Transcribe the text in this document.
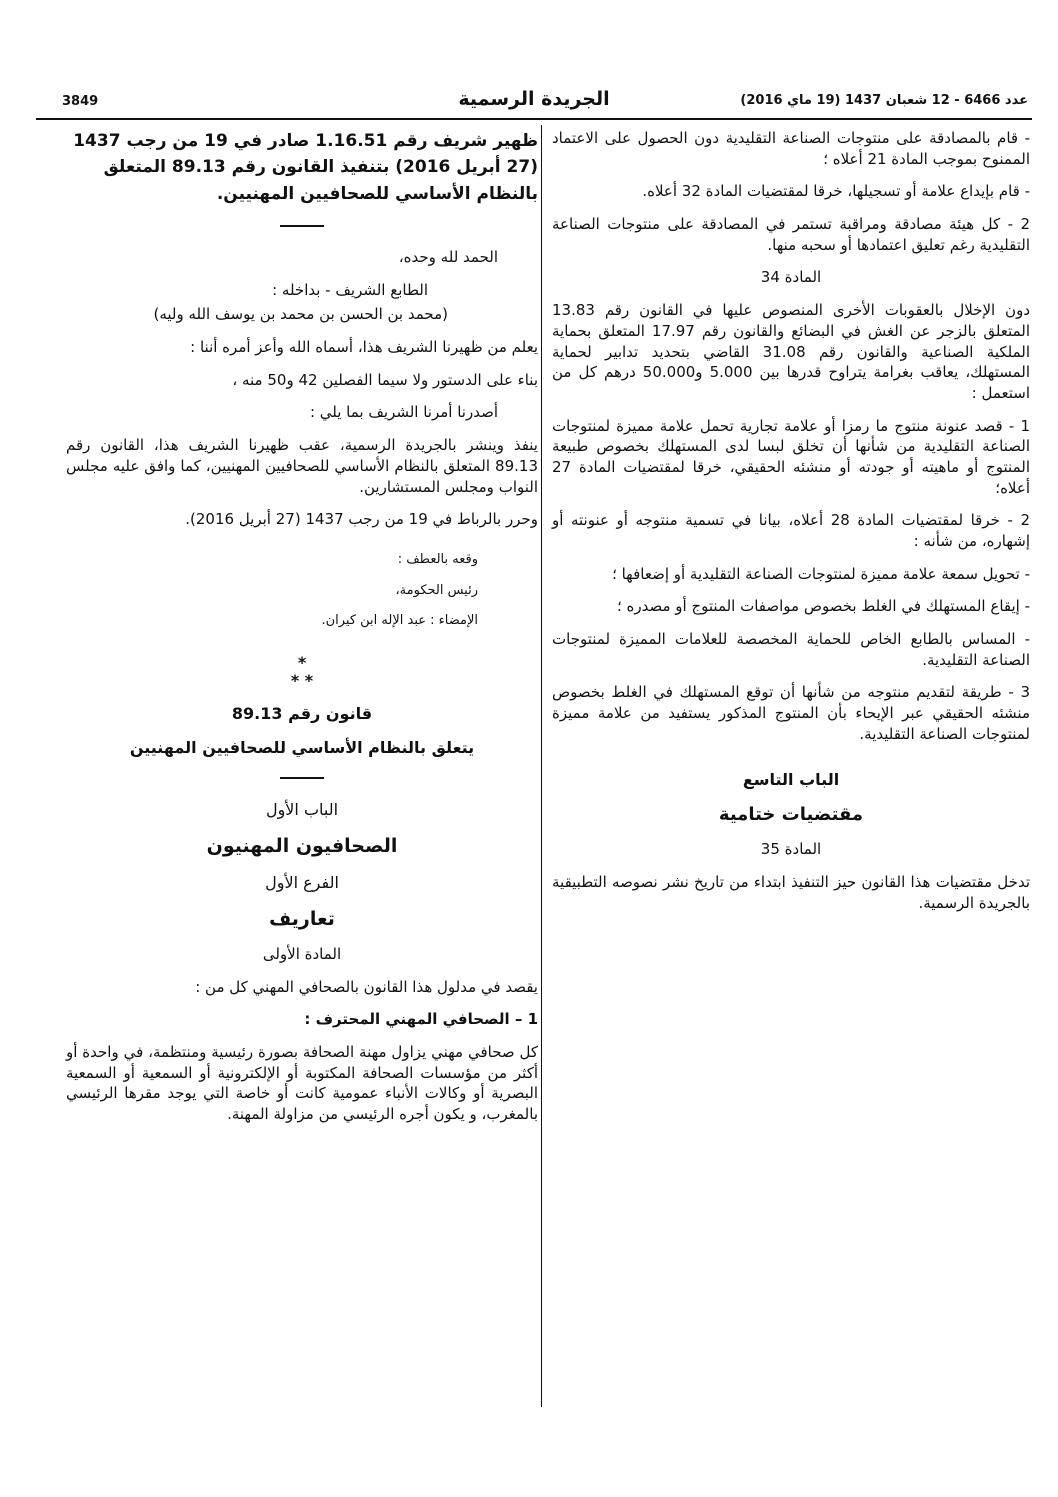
3849	الجريدة الرسمية	عدد 6466 - 12 شعبان 1437 (19 ماي 2016)

- قام بالمصادقة على منتوجات الصناعة التقليدية دون الحصول على الاعتماد الممنوح بموجب المادة 21 أعلاه ؛

- قام بإيداع علامة أو تسجيلها، خرقا لمقتضيات المادة 32 أعلاه.

2 - كل هيئة مصادقة ومراقبة تستمر في المصادقة على منتوجات الصناعة التقليدية رغم تعليق اعتمادها أو سحبه منها.

المادة 34

دون الإخلال بالعقوبات الأخرى المنصوص عليها في القانون رقم 13.83 المتعلق بالزجر عن الغش في البضائع والقانون رقم 17.97 المتعلق بحماية الملكية الصناعية والقانون رقم 31.08 القاضي بتحديد تدابير لحماية المستهلك، يعاقب بغرامة يتراوح قدرها بين 5.000 و50.000 درهم كل من استعمل :

1 - قصد عنونة منتوج ما رمزا أو علامة تجارية تحمل علامة مميزة لمنتوجات الصناعة التقليدية من شأنها أن تخلق لبسا لدى المستهلك بخصوص طبيعة المنتوج أو ماهيته أو جودته أو منشئه الحقيقي، خرقا لمقتضيات المادة 27 أعلاه؛

2 - خرقا لمقتضيات المادة 28 أعلاه، بيانا في تسمية منتوجه أو عنونته أو إشهاره، من شأنه :

- تحويل سمعة علامة مميزة لمنتوجات الصناعة التقليدية أو إضعافها ؛

- إيقاع المستهلك في الغلط بخصوص مواصفات المنتوج أو مصدره ؛

- المساس بالطابع الخاص للحماية المخصصة للعلامات المميزة لمنتوجات الصناعة التقليدية.

3 - طريقة لتقديم منتوجه من شأنها أن توقع المستهلك في الغلط بخصوص منشئه الحقيقي عبر الإيحاء بأن المنتوج المذكور يستفيد من علامة مميزة لمنتوجات الصناعة التقليدية.

الباب التاسع

مقتضيات ختامية

المادة 35

تدخل مقتضيات هذا القانون حيز التنفيذ ابتداء من تاريخ نشر نصوصه التطبيقية بالجريدة الرسمية.

ظهير شريف رقم 1.16.51 صادر في 19 من رجب 1437 (27 أبريل 2016) بتنفيذ القانون رقم 89.13 المتعلق بالنظام الأساسي للصحافيين المهنيين.

الحمد لله وحده،

الطابع الشريف - بداخله :

(محمد بن الحسن بن محمد بن يوسف الله وليه)

يعلم من ظهيرنا الشريف هذا، أسماه الله وأعز أمره أننا :

بناء على الدستور ولا سيما الفصلين 42 و50 منه ،

أصدرنا أمرنا الشريف بما يلي :

ينفذ وينشر بالجريدة الرسمية، عقب ظهيرنا الشريف هذا، القانون رقم 89.13 المتعلق بالنظام الأساسي للصحافيين المهنيين، كما وافق عليه مجلس النواب ومجلس المستشارين.

وحرر بالرباط في 19 من رجب 1437 (27 أبريل 2016).

وقعه بالعطف :
رئيس الحكومة،
الإمضاء : عبد الإله ابن كيران.
*
* *

قانون رقم 89.13

يتعلق بالنظام الأساسي للصحافيين المهنيين

الباب الأول

الصحافيون المهنيون

الفرع الأول

تعاريف

المادة الأولى

يقصد في مدلول هذا القانون بالصحافي المهني كل من :

1 – الصحافي المهني المحترف :

كل صحافي مهني يزاول مهنة الصحافة بصورة رئيسية ومنتظمة، في واحدة أو أكثر من مؤسسات الصحافة المكتوبة أو الإلكترونية أو السمعية أو السمعية البصرية أو وكالات الأنباء عمومية كانت أو خاصة التي يوجد مقرها الرئيسي بالمغرب، و يكون أجره الرئيسي من مزاولة المهنة.
